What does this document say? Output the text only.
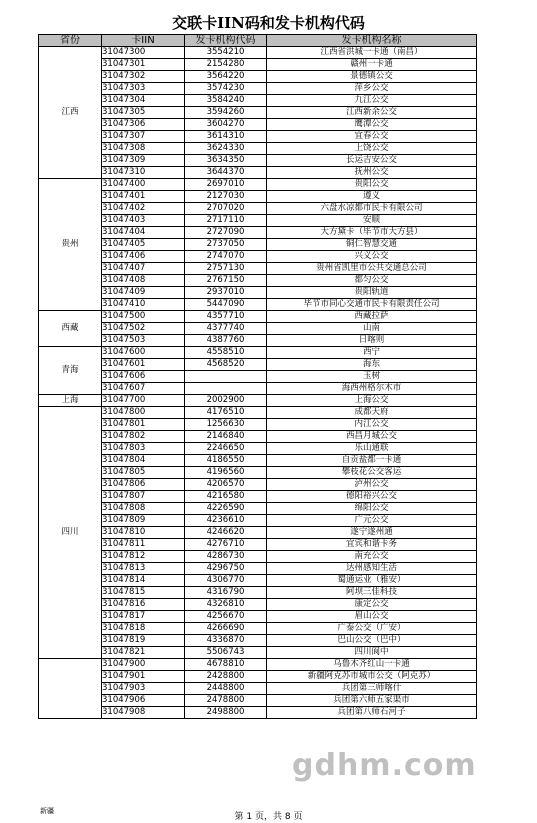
交联卡IIN码和发卡机构代码
省份	卡IIN	发卡机构代码	发卡机构名称
江西	31047300	3554210	江西省洪城一卡通（南昌）
	31047301	2154280	赣州一卡通
	31047302	3564220	景德镇公交
	31047303	3574230	萍乡公交
	31047304	3584240	九江公交
	31047305	3594260	江西新余公交
	31047306	3604270	鹰潭公交
	31047307	3614310	宜春公交
	31047308	3624330	上饶公交
	31047309	3634350	长运吉安公交
	31047310	3644370	抚州公交
贵州	31047400	2697010	贵阳公交
	31047401	2127030	遵义
	31047402	2707020	六盘水凉都市民卡有限公司
	31047403	2717110	安顺
	31047404	2727090	大方黛卡（毕节市大方县）
	31047405	2737050	铜仁智慧交通
	31047406	2747070	兴义公交
	31047407	2757130	贵州省凯里市公共交通总公司
	31047408	2767150	都匀公交
	31047409	2937010	贵阳轨道
	31047410	5447090	毕节市同心交通市民卡有限责任公司
西藏	31047500	4357710	西藏拉萨
	31047502	4377740	山南
	31047503	4387760	日喀则
青海	31047600	4558510	西宁
	31047601	4568520	海东
	31047606		玉树
	31047607		海西州格尔木市
上海	31047700	2002900	上海公交
四川	31047800	4176510	成都天府
	31047801	1256630	内江公交
	31047802	2146840	西昌月城公交
	31047803	2246650	乐山通联
	31047804	4186550	自贡盐都一卡通
	31047805	4196560	攀枝花公交客运
	31047806	4206570	泸州公交
	31047807	4216580	德阳裕兴公交
	31047808	4226590	绵阳公交
	31047809	4236610	广元公交
	31047810	4246620	遂宁遂州通
	31047811	4276710	宜宾和谐卡务
	31047812	4286730	南充公交
	31047813	4296750	达州感知生活
	31047814	4306770	蜀通运业（雅安）
	31047815	4316790	阿坝三佳科技
	31047816	4326810	康定公交
	31047817	4256670	眉山公交
	31047818	4266690	广泰公交（广安）
	31047819	4336870	巴山公交（巴中）
	31047821	5506743	四川阆中
	31047900	4678810	乌鲁木齐红山一卡通
	31047901	2428800	新疆阿克苏市城市公交（阿克苏）
	31047903	2448800	兵团第三师喀什
	31047906	2478800	兵团第六师五家渠市
	31047908	2498800	兵团第八师石河子
gdhm.com
新疆
第 1 页，共 8 页
